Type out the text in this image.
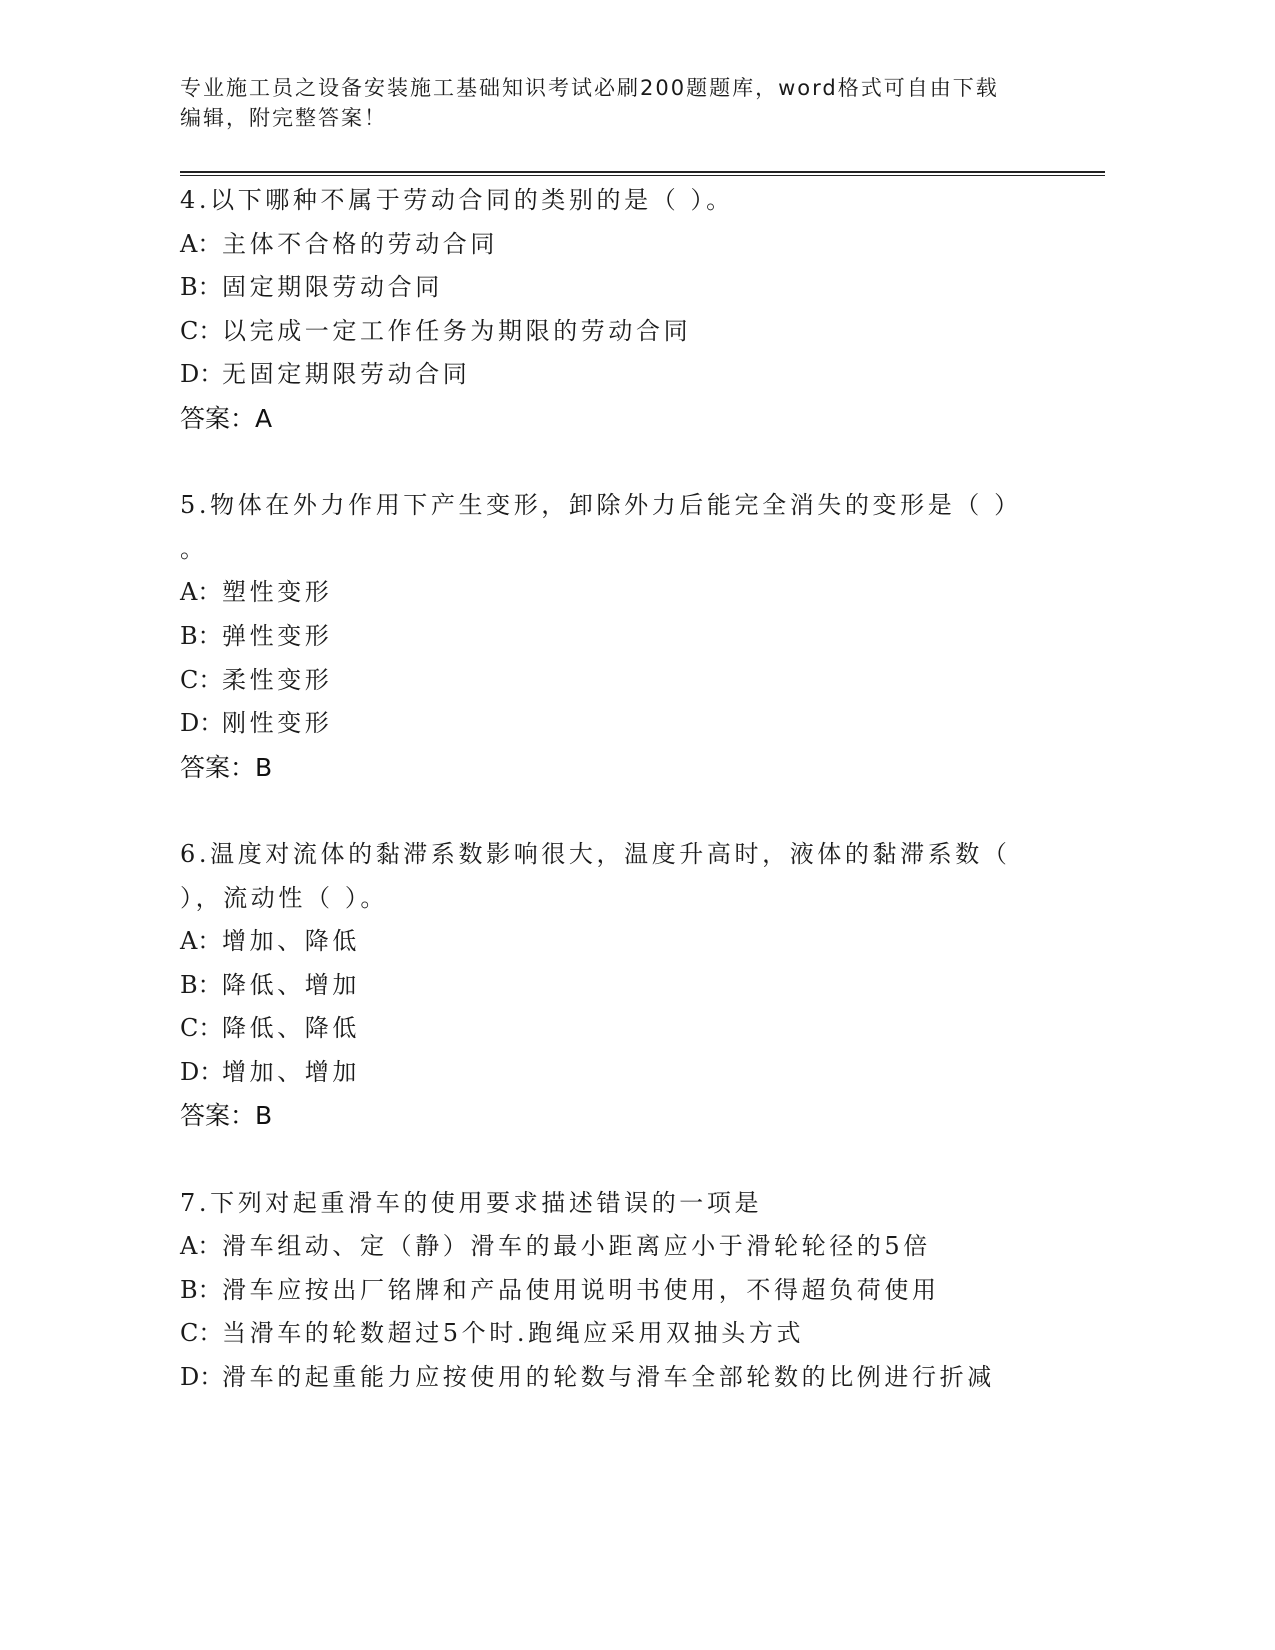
专业施工员之设备安装施工基础知识考试必刷200题题库，word格式可自由下载
编辑，附完整答案！
4.以下哪种不属于劳动合同的类别的是（ ）。
A：主体不合格的劳动合同
B：固定期限劳动合同
C：以完成一定工作任务为期限的劳动合同
D：无固定期限劳动合同
答案：A
5.物体在外力作用下产生变形，卸除外力后能完全消失的变形是（ ）
。
A：塑性变形
B：弹性变形
C：柔性变形
D：刚性变形
答案：B
6.温度对流体的黏滞系数影响很大，温度升高时，液体的黏滞系数（
），流动性（ ）。
A：增加、降低
B：降低、增加
C：降低、降低
D：增加、增加
答案：B
7.下列对起重滑车的使用要求描述错误的一项是
A：滑车组动、定（静）滑车的最小距离应小于滑轮轮径的5倍
B：滑车应按出厂铭牌和产品使用说明书使用，不得超负荷使用
C：当滑车的轮数超过5个时.跑绳应采用双抽头方式
D：滑车的起重能力应按使用的轮数与滑车全部轮数的比例进行折减
